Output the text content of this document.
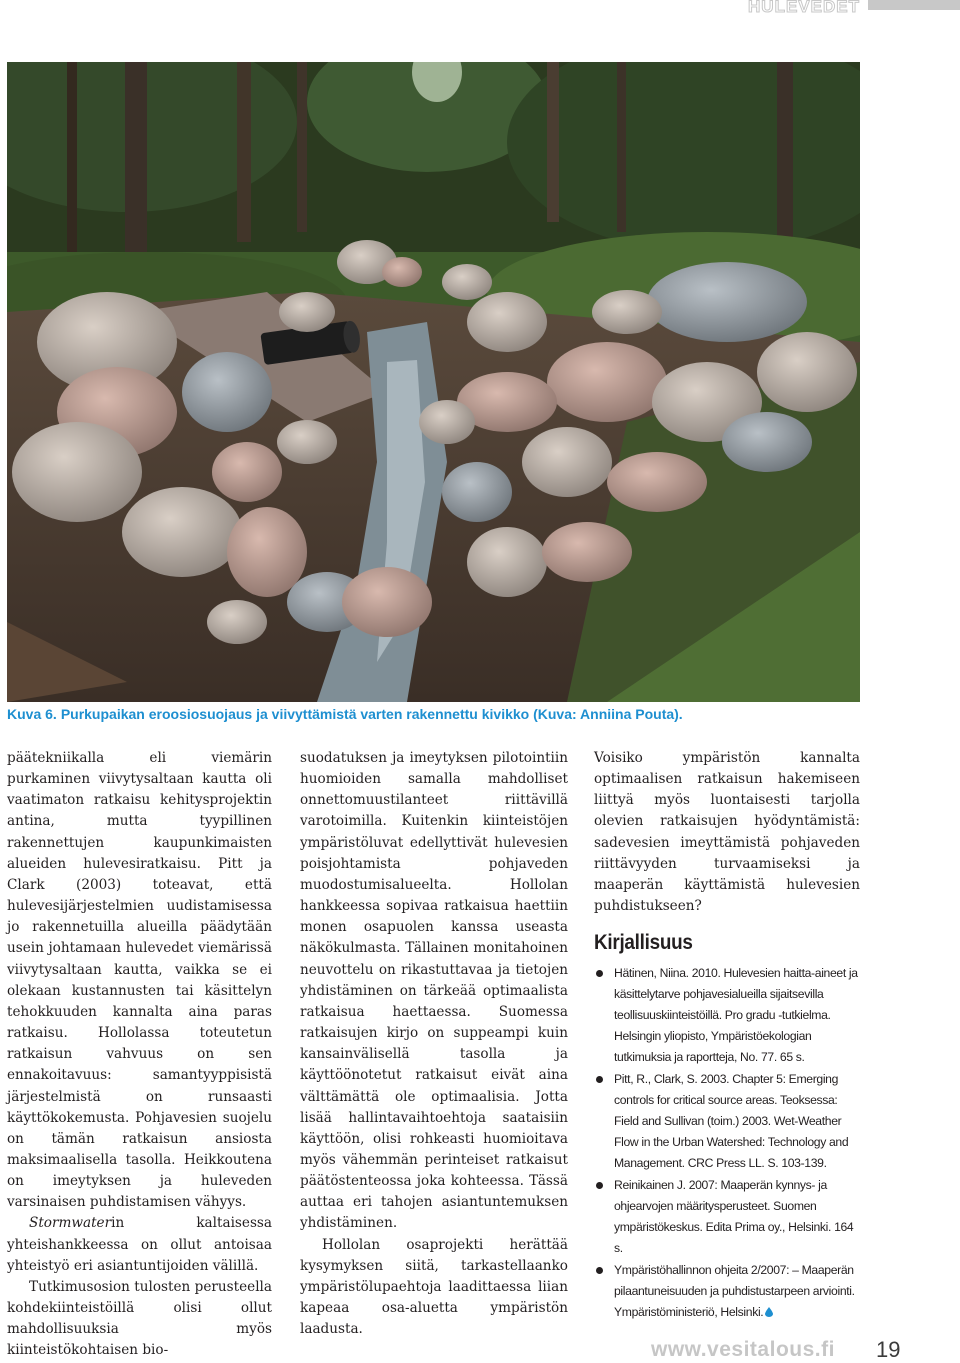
HULEVEDET
Kuva 6. Purkupaikan eroosiosuojaus ja viivyttämistä varten rakennettu kivikko (Kuva: Anniina Pouta).

päätekniikalla eli viemärin purkaminen viivytysaltaan kautta oli vaatimaton ratkaisu kehitysprojektin antina, mutta tyypillinen rakennettujen kaupunkimaisten alueiden hulevesiratkaisu. Pitt ja Clark (2003) toteavat, että hulevesijärjestelmien uudistamisessa jo rakennetuilla alueilla päädytään usein johtamaan hulevedet viemärissä viivytysaltaan kautta, vaikka se ei olekaan kustannusten tai käsittelyn tehokkuuden kannalta aina paras ratkaisu. Hollolassa toteutetun ratkaisun vahvuus on sen ennakoitavuus: samantyyppisistä järjestelmistä on runsaasti käyttökokemusta. Pohjavesien suojelu on tämän ratkaisun ansiosta maksimaalisella tasolla. Heikkoutena on imeytyksen ja huleveden varsinaisen puhdistamisen vähyys.

Stormwaterin kaltaisessa yhteishankkeessa on ollut antoisaa yhteistyö eri asiantuntijoiden välillä.

Tutkimusosion tulosten perusteella kohdekiinteistöillä olisi ollut mahdollisuuksia myös kiinteistökohtaisen bio-

suodatuksen ja imeytyksen pilotointiin huomioiden samalla mahdolliset onnettomuustilanteet riittävillä varotoimilla. Kuitenkin kiinteistöjen ympäristöluvat edellyttivät hulevesien poisjohtamista pohjaveden muodostumisalueelta. Hollolan hankkeessa sopivaa ratkaisua haettiin monen osapuolen kanssa useasta näkökulmasta. Tällainen monitahoinen neuvottelu on rikastuttavaa ja tietojen yhdistäminen on tärkeää optimaalista ratkaisua haettaessa. Suomessa ratkaisujen kirjo on suppeampi kuin kansainvälisellä tasolla ja käyttöönotetut ratkaisut eivät aina välttämättä ole optimaalisia. Jotta lisää hallintavaihtoehtoja saataisiin käyttöön, olisi rohkeasti huomioitava myös vähemmän perinteiset ratkaisut päätöstenteossa joka kohteessa. Tässä auttaa eri tahojen asiantuntemuksen yhdistäminen.

Hollolan osaprojekti herättää kysymyksen siitä, tarkastellaanko ympäristölupaehtoja laadittaessa liian kapeaa osa-aluetta ympäristön laadusta.

Voisiko ympäristön kannalta optimaalisen ratkaisun hakemiseen liittyä myös luontaisesti tarjolla olevien ratkaisujen hyödyntämistä: sadevesien imeyttämistä pohjaveden riittävyyden turvaamiseksi ja maaperän käyttämistä hulevesien puhdistukseen?

Kirjallisuus
Hätinen, Niina. 2010. Hulevesien haitta-aineet ja käsittelytarve pohjavesialueilla sijaitsevilla teollisuuskiinteistöillä. Pro gradu -tutkielma. Helsingin yliopisto, Ympäristöekologian tutkimuksia ja raportteja, No. 77. 65 s.
Pitt, R., Clark, S. 2003. Chapter 5: Emerging controls for critical source areas. Teoksessa: Field and Sullivan (toim.) 2003. Wet-Weather Flow in the Urban Watershed: Technology and Management. CRC Press LL. S. 103-139.
Reinikainen J. 2007: Maaperän kynnys- ja ohjearvojen määritysperusteet. Suomen ympäristökeskus. Edita Prima oy., Helsinki. 164 s.
Ympäristöhallinnon ohjeita 2/2007: – Maaperän pilaantuneisuuden ja puhdistustarpeen arviointi. Ympäristöministeriö, Helsinki.
www.vesitalous.fi 19
